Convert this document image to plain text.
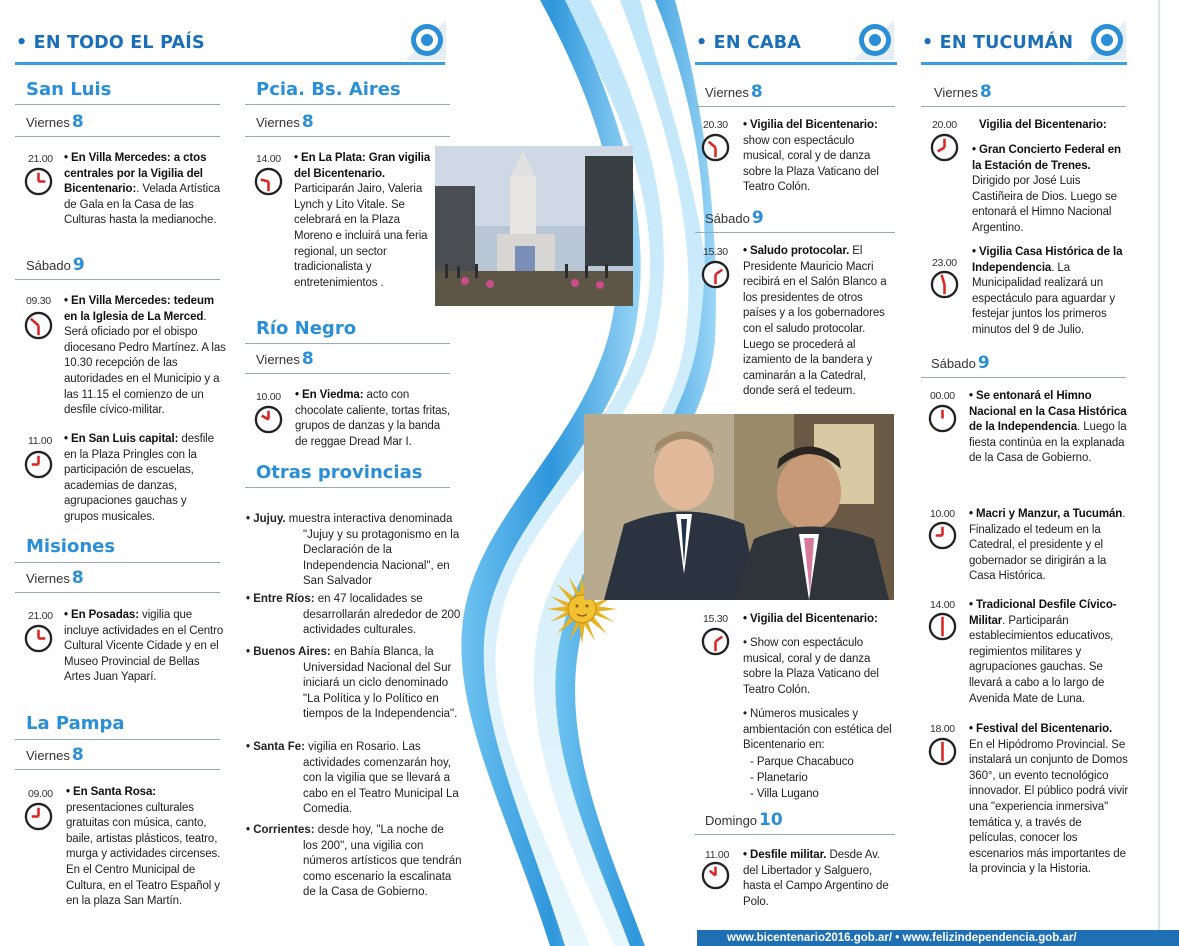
• EN TODO EL PAÍS	• EN CABA	• EN TUCUMÁN
San Luis
Viernes 8
21.00 • En Villa Mercedes: a ctos centrales por la Vigilia del Bicentenario:. Velada Artística de Gala en la Casa de las Culturas hasta la medianoche.
Sábado 9
09.30 • En Villa Mercedes: tedeum en la Iglesia de La Merced. Será oficiado por el obispo diocesano Pedro Martínez. A las 10.30 recepción de las autoridades en el Municipio y a las 11.15 el comienzo de un desfile cívico-militar.
11.00 • En San Luis capital: desfile en la Plaza Pringles con la participación de escuelas, academias de danzas, agrupaciones gauchas y grupos musicales.
Misiones
Viernes 8
21.00 • En Posadas: vigilia que incluye actividades en el Centro Cultural Vicente Cidade y en el Museo Provincial de Bellas Artes Juan Yaparí.
La Pampa
Viernes 8
09.00 • En Santa Rosa: presentaciones culturales gratuitas con música, canto, baile, artistas plásticos, teatro, murga y actividades circenses. En el Centro Municipal de Cultura, en el Teatro Español y en la plaza San Martín.
Pcia. Bs. Aires
Viernes 8
14.00 • En La Plata: Gran vigilia del Bicentenario. Participarán Jairo, Valeria Lynch y Lito Vitale. Se celebrará en la Plaza Moreno e incluirá una feria regional, un sector tradicionalista y entretenimientos .
Río Negro
Viernes 8
10.00 • En Viedma: acto con chocolate caliente, tortas fritas, grupos de danzas y la banda de reggae Dread Mar I.
Otras provincias
• Jujuy. muestra interactiva denominada
"Jujuy y su protagonismo en la Declaración de la Independencia Nacional", en San Salvador
• Entre Ríos: en 47 localidades se
desarrollarán alrededor de 200 actividades culturales.
• Buenos Aires: en Bahía Blanca, la
Universidad Nacional del Sur iniciará un ciclo denominado "La Política y lo Político en tiempos de la Independencia".
• Santa Fe: vigilia en Rosario. Las
actividades comenzarán hoy, con la vigilia que se llevará a cabo en el Teatro Municipal La Comedia.
• Corrientes: desde hoy, "La noche de
los 200", una vigilia con números artísticos que tendrán como escenario la escalinata de la Casa de Gobierno.
Viernes 8
20.30 • Vigilia del Bicentenario: show con espectáculo musical, coral y de danza sobre la Plaza Vaticano del Teatro Colón.
Sábado 9
15.30 • Saludo protocolar. El Presidente Mauricio Macri recibirá en el Salón Blanco a los presidentes de otros países y a los gobernadores con el saludo protocolar. Luego se procederá al izamiento de la bandera y caminarán a la Catedral, donde será el tedeum.
15.30 • Vigilia del Bicentenario:
• Show con espectáculo musical, coral y de danza sobre la Plaza Vaticano del Teatro Colón.
• Números musicales y ambientación con estética del Bicentenario en:
- Parque Chacabuco
- Planetario
- Villa Lugano
Domingo 10
11.00 • Desfile militar. Desde Av. del Libertador y Salguero, hasta el Campo Argentino de Polo.
Viernes 8
20.00 Vigilia del Bicentenario:
• Gran Concierto Federal en la Estación de Trenes. Dirigido por José Luis Castiñeira de Dios. Luego se entonará el Himno Nacional Argentino.
23.00
• Vigilia Casa Histórica de la Independencia. La Municipalidad realizará un espectáculo para aguardar y festejar juntos los primeros minutos del 9 de Julio.
Sábado 9
00.00 • Se entonará el Himno Nacional en la Casa Histórica de la Independencia. Luego la fiesta continúa en la explanada de la Casa de Gobierno.
10.00 • Macri y Manzur, a Tucumán. Finalizado el tedeum en la Catedral, el presidente y el gobernador se dirigirán a la Casa Histórica.
14.00 • Tradicional Desfile Cívico-Militar. Participarán establecimientos educativos, regimientos militares y agrupaciones gauchas. Se llevará a cabo a lo largo de Avenida Mate de Luna.
18.00 • Festival del Bicentenario. En el Hipódromo Provincial. Se instalará un conjunto de Domos 360°, un evento tecnológico innovador. El público podrá vivir una "experiencia inmersiva" temática y, a través de películas, conocer los escenarios más importantes de la provincia y la Historia.
www.bicentenario2016.gob.ar/ • www.felizindependencia.gob.ar/
